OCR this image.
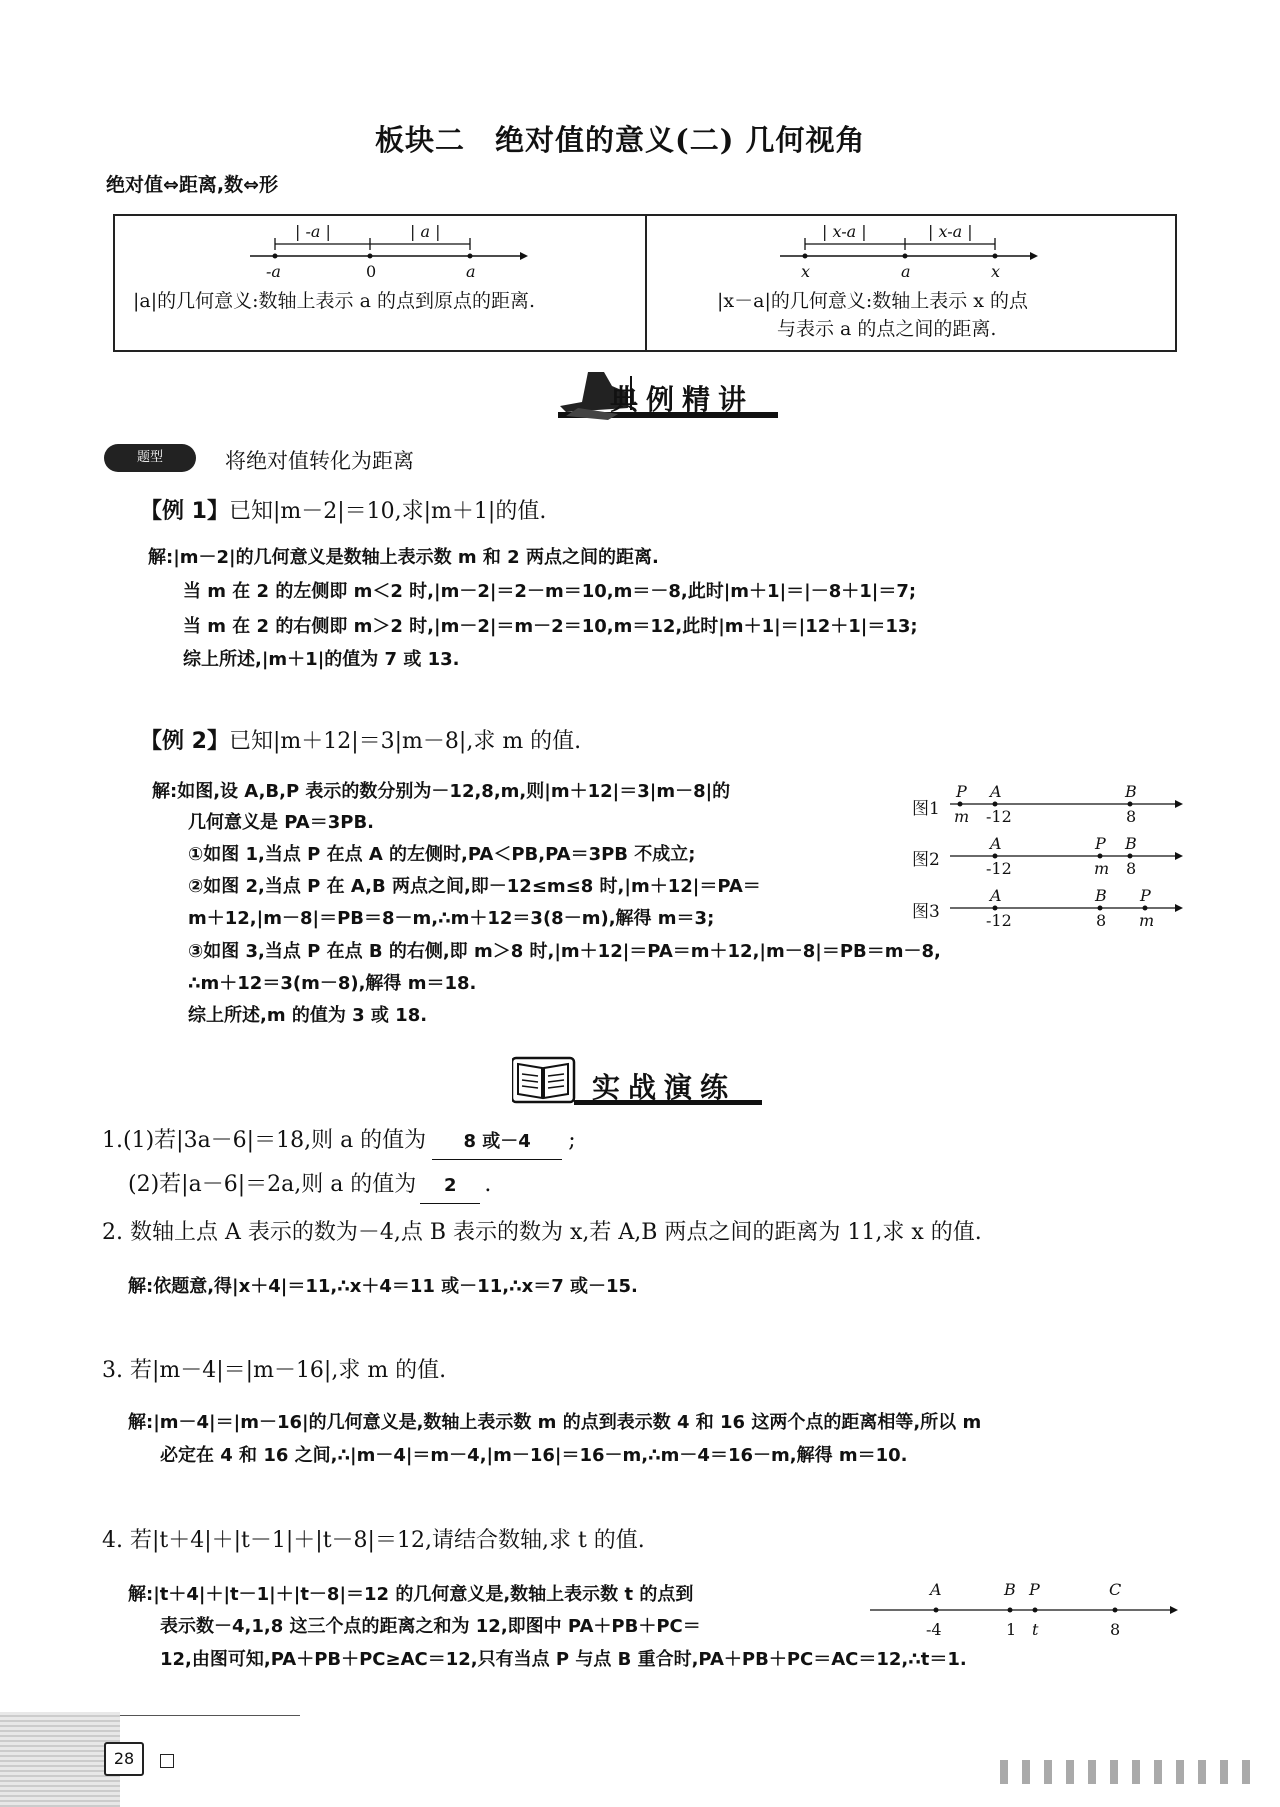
板块二　绝对值的意义(二) 几何视角
绝对值⇔距离,数⇔形
| -a |	| a |
-a	0	a
|a|的几何意义:数轴上表示 a 的点到原点的距离.
| x-a |	| x-a |
x	a	x
|x－a|的几何意义:数轴上表示 x 的点
与表示 a 的点之间的距离.
典例精讲
题型	将绝对值转化为距离
【例 1】已知|m－2|＝10,求|m＋1|的值.
解:|m－2|的几何意义是数轴上表示数 m 和 2 两点之间的距离.
当 m 在 2 的左侧即 m＜2 时,|m－2|＝2－m＝10,m＝－8,此时|m＋1|＝|－8＋1|＝7;
当 m 在 2 的右侧即 m＞2 时,|m－2|＝m－2＝10,m＝12,此时|m＋1|＝|12＋1|＝13;
综上所述,|m＋1|的值为 7 或 13.
【例 2】已知|m＋12|＝3|m－8|,求 m 的值.
解:如图,设 A,B,P 表示的数分别为－12,8,m,则|m＋12|＝3|m－8|的
几何意义是 PA＝3PB.
①如图 1,当点 P 在点 A 的左侧时,PA＜PB,PA＝3PB 不成立;
②如图 2,当点 P 在 A,B 两点之间,即－12≤m≤8 时,|m＋12|＝PA＝
m＋12,|m－8|＝PB＝8－m,∴m＋12＝3(8－m),解得 m＝3;
③如图 3,当点 P 在点 B 的右侧,即 m＞8 时,|m＋12|＝PA＝m＋12,|m－8|＝PB＝m－8,
∴m＋12＝3(m－8),解得 m＝18.
综上所述,m 的值为 3 或 18.
图1
P A	B
m -12	8
图2
A	P B
-12	m 8
图3
A	B P
-12	8 m
实战演练
1.(1)若|3a－6|＝18,则 a 的值为 8 或－4 ;
(2)若|a－6|＝2a,则 a 的值为 2 .
2. 数轴上点 A 表示的数为－4,点 B 表示的数为 x,若 A,B 两点之间的距离为 11,求 x 的值.
解:依题意,得|x＋4|＝11,∴x＋4＝11 或－11,∴x＝7 或－15.
3. 若|m－4|＝|m－16|,求 m 的值.
解:|m－4|＝|m－16|的几何意义是,数轴上表示数 m 的点到表示数 4 和 16 这两个点的距离相等,所以 m
必定在 4 和 16 之间,∴|m－4|＝m－4,|m－16|＝16－m,∴m－4＝16－m,解得 m＝10.
4. 若|t＋4|＋|t－1|＋|t－8|＝12,请结合数轴,求 t 的值.
解:|t＋4|＋|t－1|＋|t－8|＝12 的几何意义是,数轴上表示数 t 的点到
表示数－4,1,8 这三个点的距离之和为 12,即图中 PA＋PB＋PC＝
12,由图可知,PA＋PB＋PC≥AC＝12,只有当点 P 与点 B 重合时,PA＋PB＋PC＝AC＝12,∴t＝1.
A	B P	C
-4	1 t	8
28
